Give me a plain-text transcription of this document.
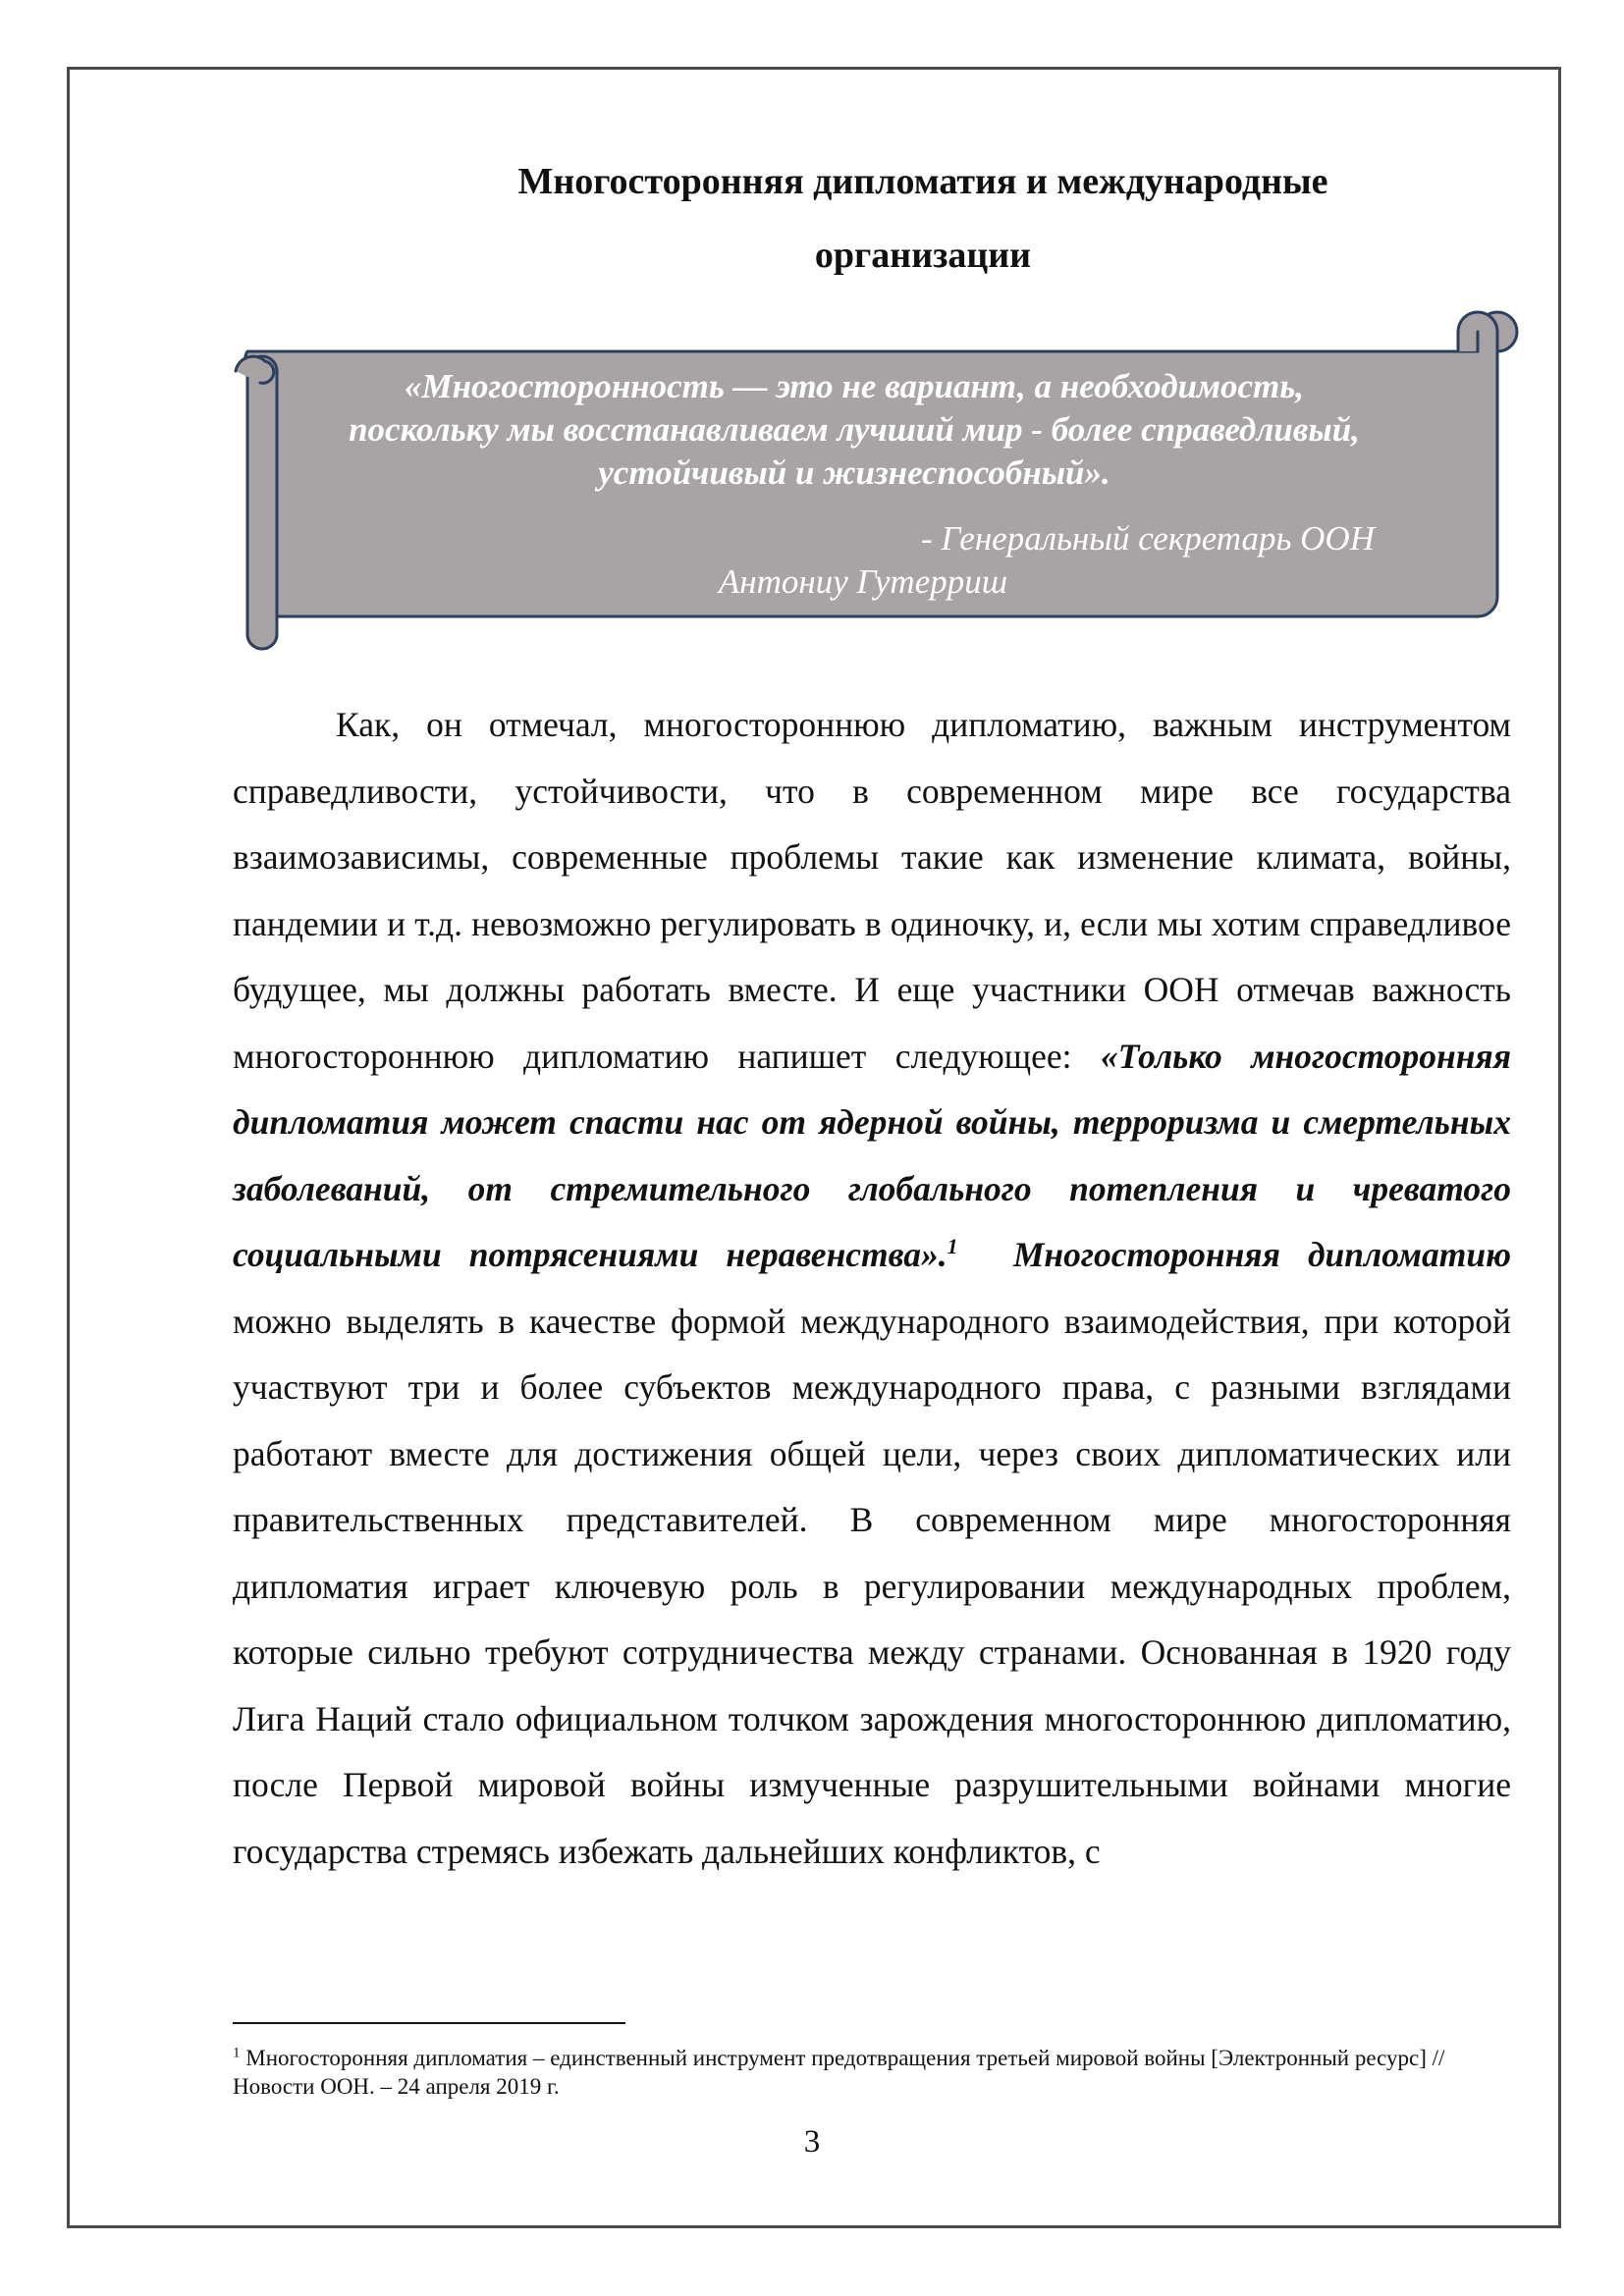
Многосторонняя дипломатия и международные
организации
«Многосторонность — это не вариант, а необходимость,
поскольку мы восстанавливаем лучший мир - более справедливый,
устойчивый и жизнеспособный».
- Генеральный секретарь ООН
Антониу Гутерриш

Как, он отмечал, многостороннюю дипломатию, важным инструментом справедливости, устойчивости, что в современном мире все государства взаимозависимы, современные проблемы такие как изменение климата, войны, пандемии и т.д. невозможно регулировать в одиночку, и, если мы хотим справедливое будущее, мы должны работать вместе. И еще участники ООН отмечав важность многостороннюю дипломатию напишет следующее: «Только многосторонняя дипломатия может спасти нас от ядерной войны, терроризма и смертельных заболеваний, от стремительного глобального потепления и чреватого социальными потрясениями неравенства».$^1$ Многосторонняя дипломатию можно выделять в качестве формой международного взаимодействия, при которой участвуют три и более субъектов международного права, с разными взглядами работают вместе для достижения общей цели, через своих дипломатических или правительственных представителей. В современном мире многосторонняя дипломатия играет ключевую роль в регулировании международных проблем, которые сильно требуют сотрудничества между странами. Основанная в 1920 году Лига Наций стало официальном толчком зарождения многостороннюю дипломатию, после Первой мировой войны измученные разрушительными войнами многие государства стремясь избежать дальнейших конфликтов, с

$^1$ Многосторонняя дипломатия – единственный инструмент предотвращения третьей мировой войны [Электронный ресурс] // Новости ООН. – 24 апреля 2019 г.
3
